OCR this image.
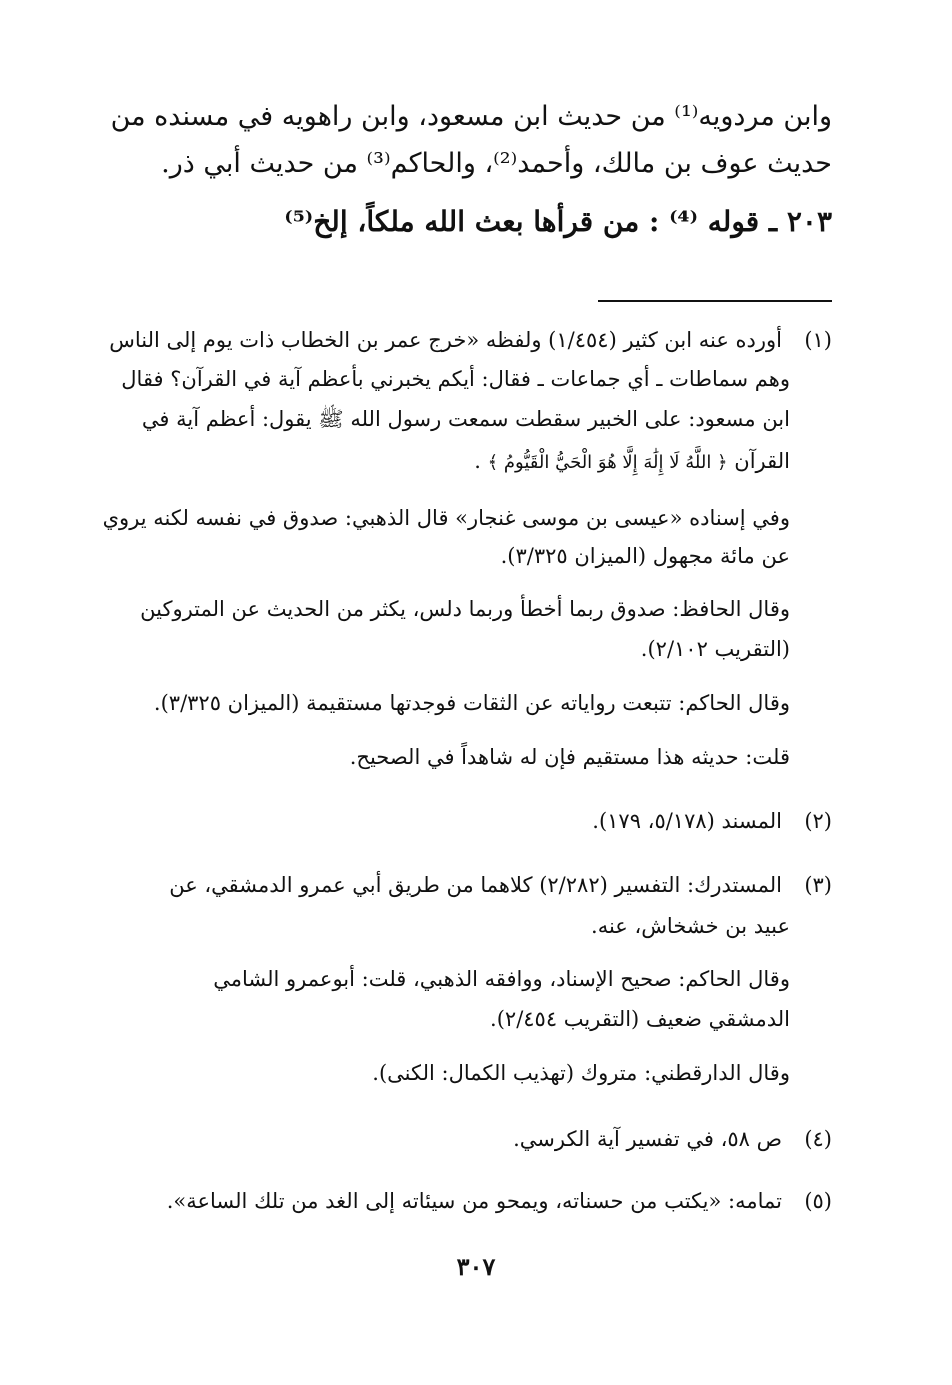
وابن مردويه⁽¹⁾ من حديث ابن مسعود، وابن راهويه في مسنده من
حديث عوف بن مالك، وأحمد⁽²⁾، والحاكم⁽³⁾ من حديث أبي ذر.
٢٠٣ ـ قوله ⁽⁴⁾ : من قرأها بعث الله ملكاً، إلخ⁽⁵⁾
(١)أورده عنه ابن كثير (١/٤٥٤) ولفظه «خرج عمر بن الخطاب ذات يوم إلى الناس
وهم سماطات ـ أي جماعات ـ فقال: أيكم يخبرني بأعظم آية في القرآن؟ فقال
ابن مسعود: على الخبير سقطت سمعت رسول الله ﷺ يقول: أعظم آية في
القرآن ﴿ اللَّهُ لَا إِلَٰهَ إِلَّا هُوَ الْحَيُّ الْقَيُّومُ ﴾ .
وفي إسناده «عيسى بن موسى غنجار» قال الذهبي: صدوق في نفسه لكنه يروي
عن مائة مجهول (الميزان ٣/٣٢٥).
وقال الحافظ: صدوق ربما أخطأ وربما دلس، يكثر من الحديث عن المتروكين
(التقريب ٢/١٠٢).
وقال الحاكم: تتبعت رواياته عن الثقات فوجدتها مستقيمة (الميزان ٣/٣٢٥).
قلت: حديثه هذا مستقيم فإن له شاهداً في الصحيح.
(٢)المسند (٥/١٧٨، ١٧٩).
(٣)المستدرك: التفسير (٢/٢٨٢) كلاهما من طريق أبي عمرو الدمشقي، عن
عبيد بن خشخاش، عنه.
وقال الحاكم: صحيح الإسناد، ووافقه الذهبي، قلت: أبوعمرو الشامي
الدمشقي ضعيف (التقريب ٢/٤٥٤).
وقال الدارقطني: متروك (تهذيب الكمال: الكنى).
(٤)ص ٥٨، في تفسير آية الكرسي.
(٥)تمامه: «يكتب من حسناته، ويمحو من سيئاته إلى الغد من تلك الساعة».
٣٠٧
